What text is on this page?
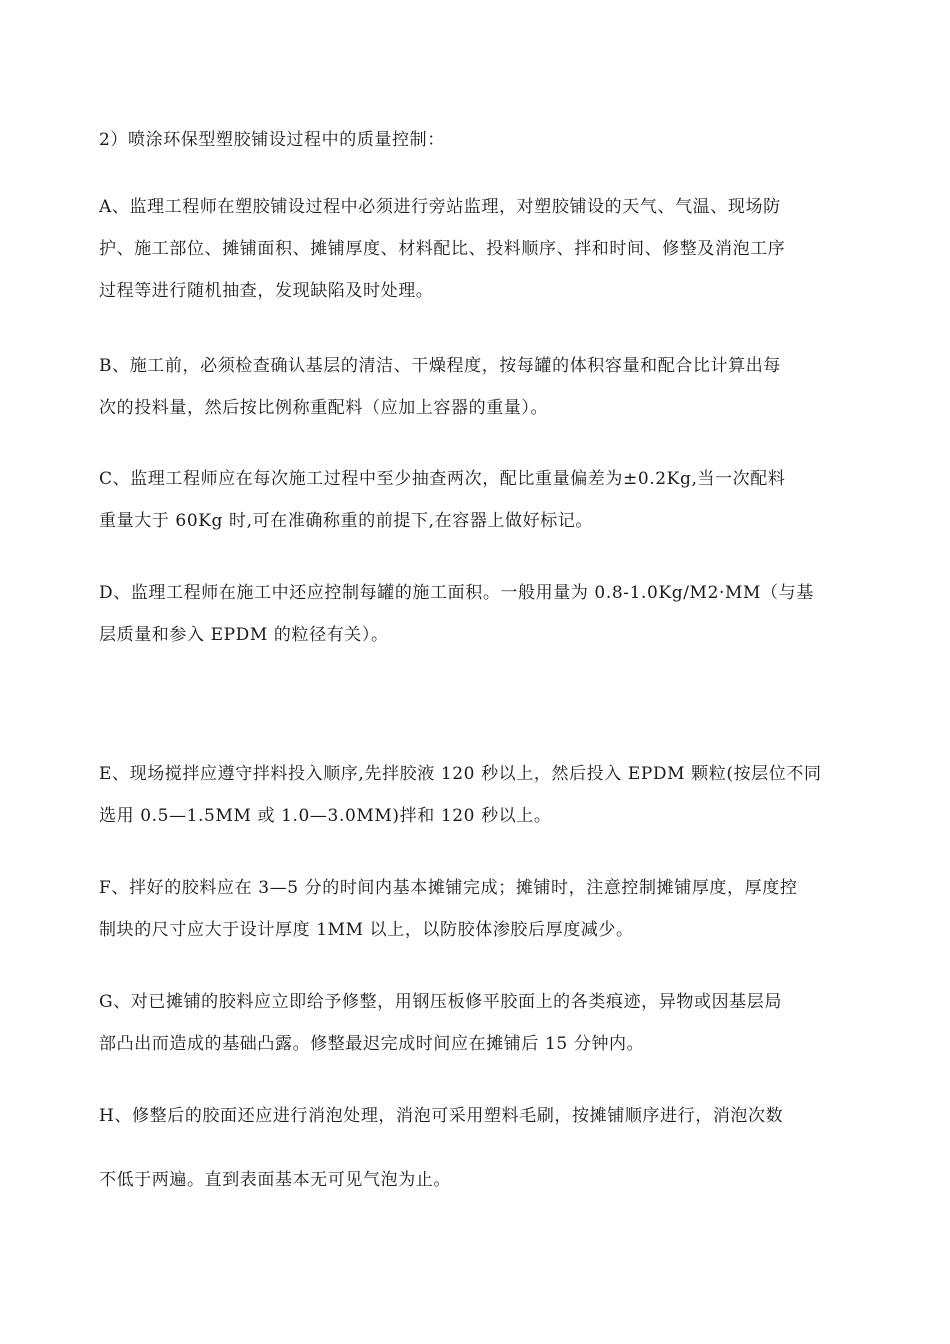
2）喷涂环保型塑胶铺设过程中的质量控制：

A、监理工程师在塑胶铺设过程中必须进行旁站监理，对塑胶铺设的天气、气温、现场防
护、施工部位、摊铺面积、摊铺厚度、材料配比、投料顺序、拌和时间、修整及消泡工序
过程等进行随机抽查，发现缺陷及时处理。

B、施工前，必须检查确认基层的清洁、干燥程度，按每罐的体积容量和配合比计算出每
次的投料量，然后按比例称重配料（应加上容器的重量）。

C、监理工程师应在每次施工过程中至少抽查两次，配比重量偏差为±0.2Kg,当一次配料
重量大于 60Kg 时,可在准确称重的前提下,在容器上做好标记。

D、监理工程师在施工中还应控制每罐的施工面积。一般用量为 0.8-1.0Kg/M2·MM（与基
层质量和参入 EPDM 的粒径有关）。

E、现场搅拌应遵守拌料投入顺序,先拌胶液 120 秒以上，然后投入 EPDM 颗粒(按层位不同
选用 0.5—1.5MM 或 1.0—3.0MM)拌和 120 秒以上。

F、拌好的胶料应在 3—5 分的时间内基本摊铺完成；摊铺时，注意控制摊铺厚度，厚度控
制块的尺寸应大于设计厚度 1MM 以上，以防胶体渗胶后厚度减少。

G、对已摊铺的胶料应立即给予修整，用钢压板修平胶面上的各类痕迹，异物或因基层局
部凸出而造成的基础凸露。修整最迟完成时间应在摊铺后 15 分钟内。

H、修整后的胶面还应进行消泡处理，消泡可采用塑料毛刷，按摊铺顺序进行，消泡次数
不低于两遍。直到表面基本无可见气泡为止。
